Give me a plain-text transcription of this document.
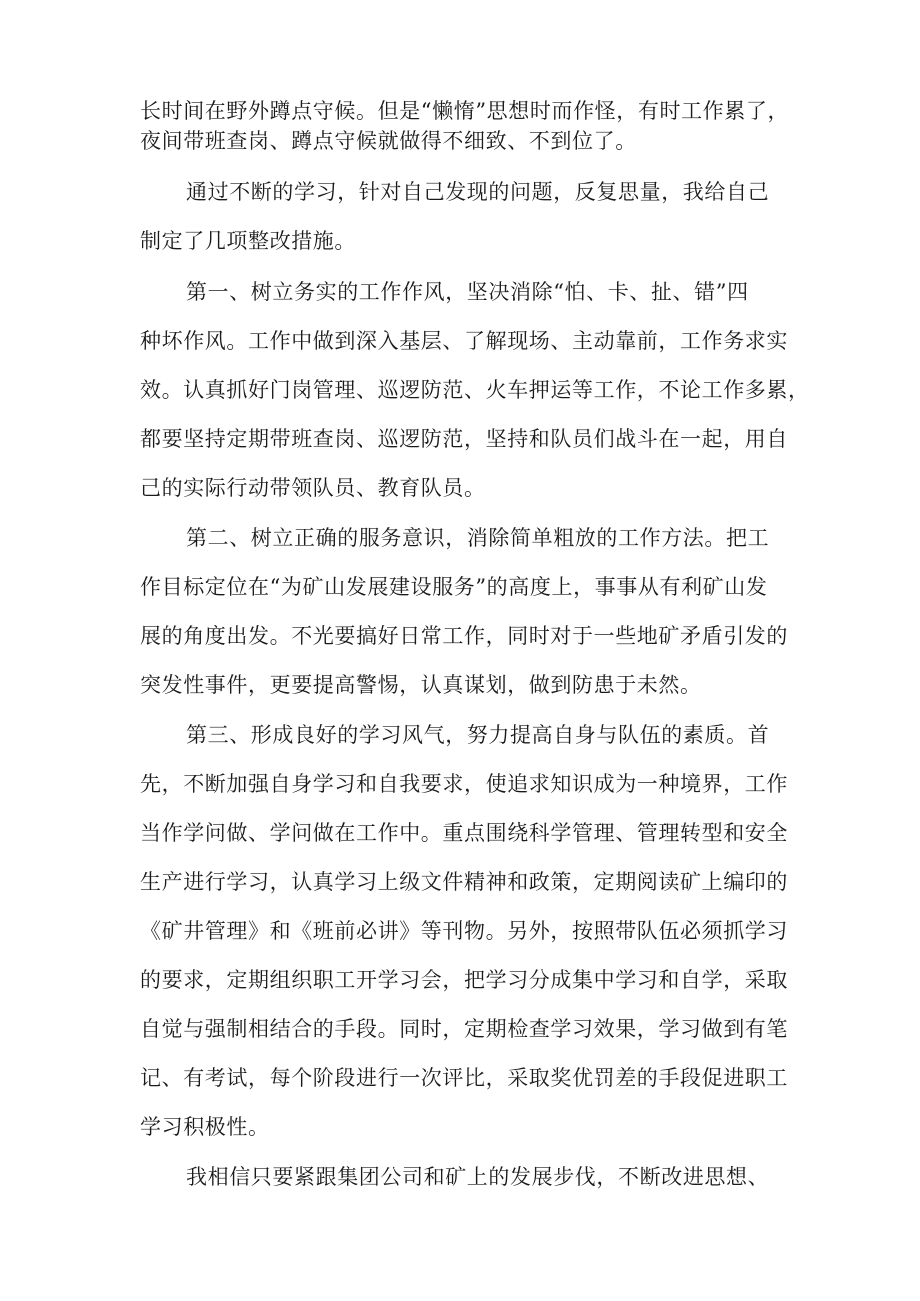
长时间在野外蹲点守候。但是“懒惰”思想时而作怪，有时工作累了，

夜间带班查岗、蹲点守候就做得不细致、不到位了。

通过不断的学习，针对自己发现的问题，反复思量，我给自己

制定了几项整改措施。

第一、树立务实的工作作风，坚决消除“怕、卡、扯、错”四

种坏作风。工作中做到深入基层、了解现场、主动靠前，工作务求实

效。认真抓好门岗管理、巡逻防范、火车押运等工作，不论工作多累，

都要坚持定期带班查岗、巡逻防范，坚持和队员们战斗在一起，用自

己的实际行动带领队员、教育队员。

第二、树立正确的服务意识，消除简单粗放的工作方法。把工

作目标定位在“为矿山发展建设服务”的高度上，事事从有利矿山发

展的角度出发。不光要搞好日常工作，同时对于一些地矿矛盾引发的

突发性事件，更要提高警惕，认真谋划，做到防患于未然。

第三、形成良好的学习风气，努力提高自身与队伍的素质。首

先，不断加强自身学习和自我要求，使追求知识成为一种境界，工作

当作学问做、学问做在工作中。重点围绕科学管理、管理转型和安全

生产进行学习，认真学习上级文件精神和政策，定期阅读矿上编印的

《矿井管理》和《班前必讲》等刊物。另外，按照带队伍必须抓学习

的要求，定期组织职工开学习会，把学习分成集中学习和自学，采取

自觉与强制相结合的手段。同时，定期检查学习效果，学习做到有笔

记、有考试，每个阶段进行一次评比，采取奖优罚差的手段促进职工

学习积极性。

我相信只要紧跟集团公司和矿上的发展步伐，不断改进思想、
